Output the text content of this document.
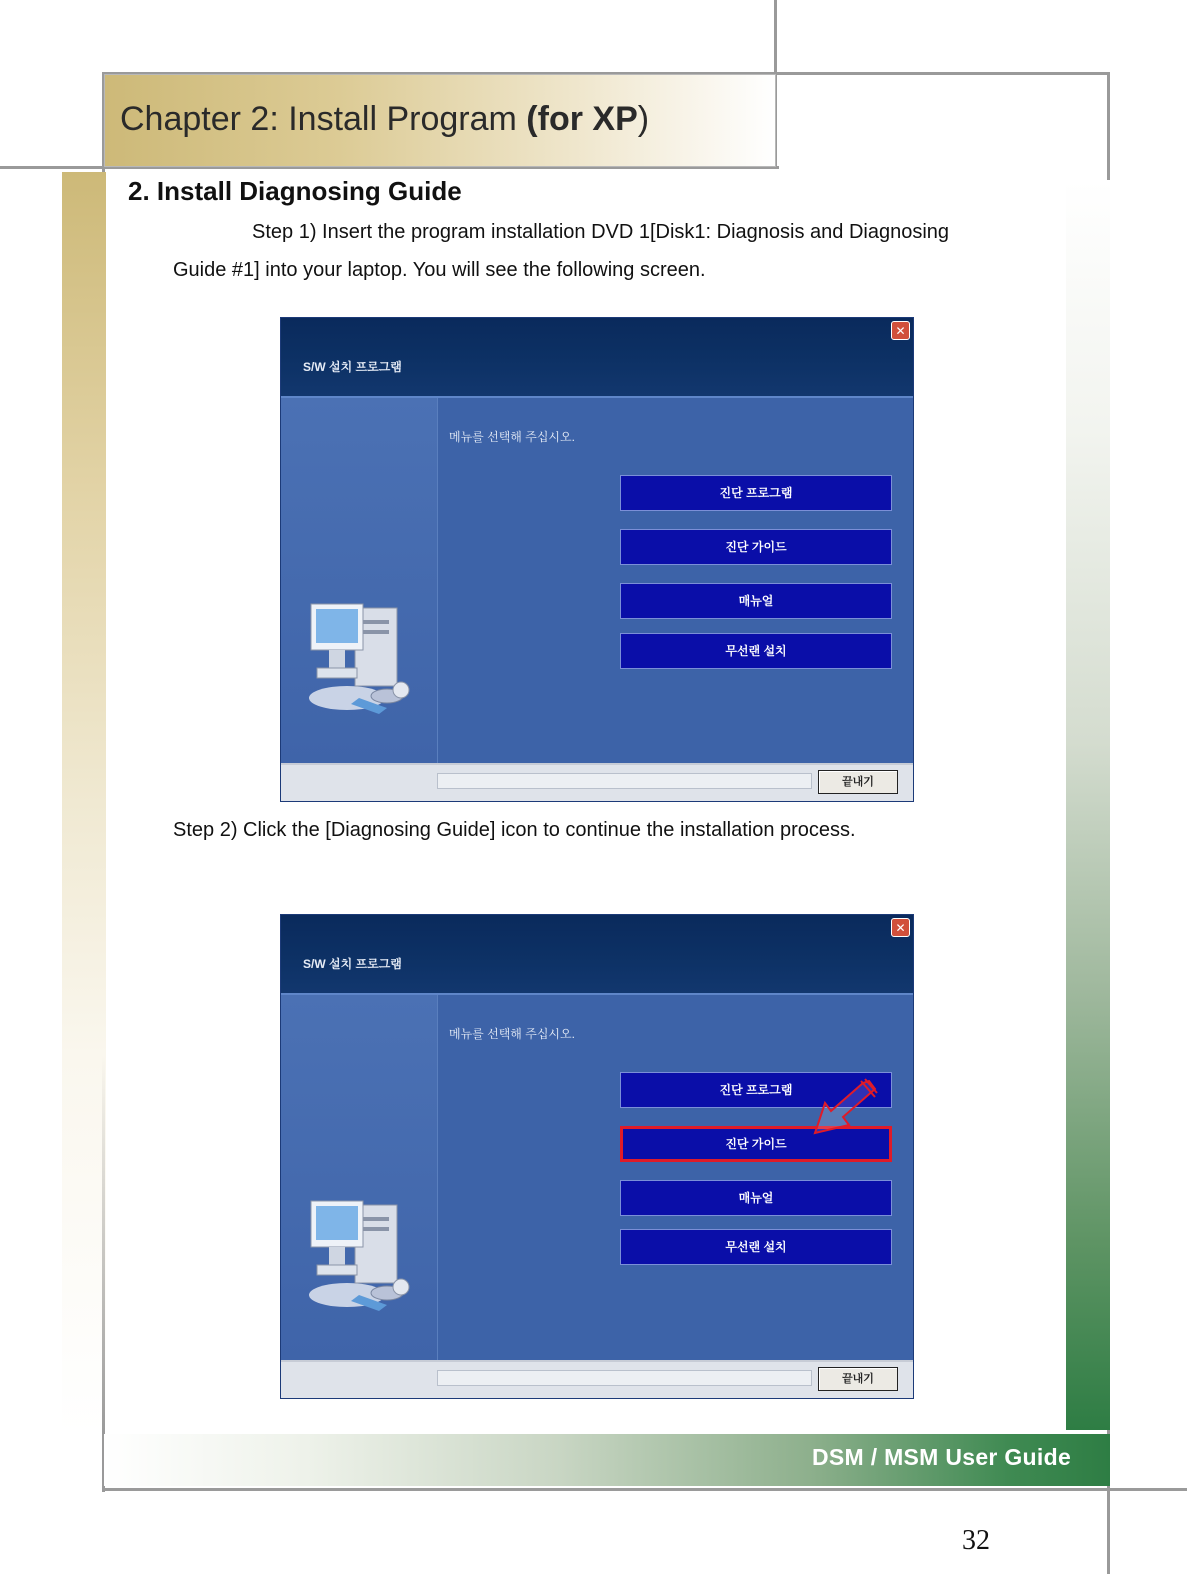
Chapter 2: Install Program (for XP)
2. Install Diagnosing Guide
Step 1) Insert the program installation DVD 1[Disk1: Diagnosis and Diagnosing
Guide #1] into your laptop. You will see the following screen.
S/W 설치 프로그램
✕
메뉴를 선택해 주십시오.
진단 프로그램
진단 가이드
매뉴얼
무선랜 설치
끝내기
Step 2) Click the [Diagnosing Guide] icon to continue the installation process.
S/W 설치 프로그램
✕
메뉴를 선택해 주십시오.
진단 프로그램
진단 가이드
매뉴얼
무선랜 설치
끝내기
DSM / MSM User Guide
32
